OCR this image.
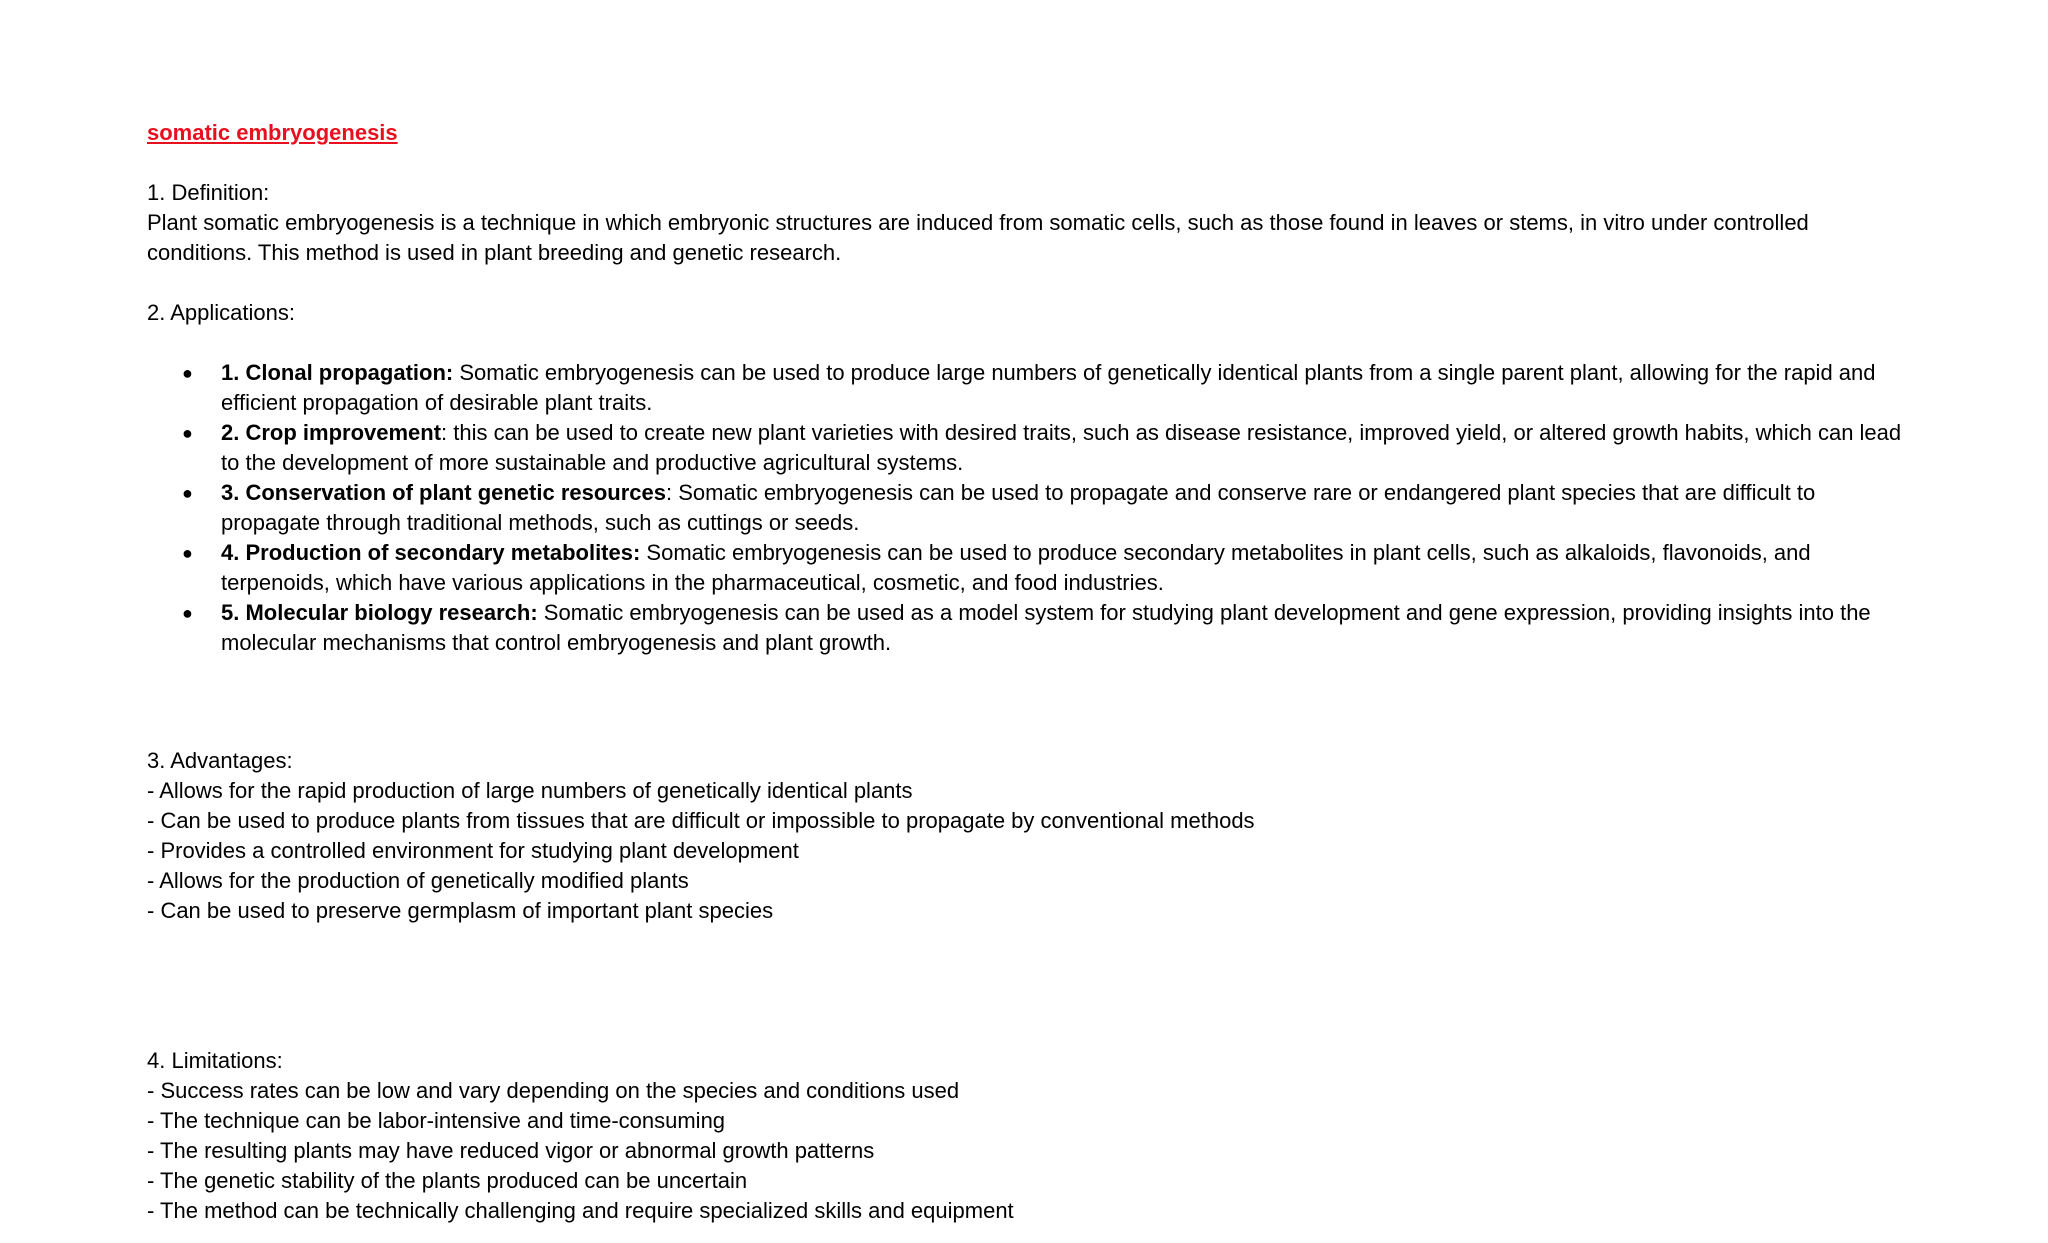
somatic embryogenesis

1. Definition:

Plant somatic embryogenesis is a technique in which embryonic structures are induced from somatic cells, such as those found in leaves or stems, in vitro under controlled conditions. This method is used in plant breeding and genetic research.

2. Applications:

● 1. Clonal propagation: Somatic embryogenesis can be used to produce large numbers of genetically identical plants from a single parent plant, allowing for the rapid and efficient propagation of desirable plant traits.
● 2. Crop improvement: this can be used to create new plant varieties with desired traits, such as disease resistance, improved yield, or altered growth habits, which can lead to the development of more sustainable and productive agricultural systems.
● 3. Conservation of plant genetic resources: Somatic embryogenesis can be used to propagate and conserve rare or endangered plant species that are difficult to propagate through traditional methods, such as cuttings or seeds.
● 4. Production of secondary metabolites: Somatic embryogenesis can be used to produce secondary metabolites in plant cells, such as alkaloids, flavonoids, and terpenoids, which have various applications in the pharmaceutical, cosmetic, and food industries.
● 5. Molecular biology research: Somatic embryogenesis can be used as a model system for studying plant development and gene expression, providing insights into the molecular mechanisms that control embryogenesis and plant growth.

3. Advantages:

- Allows for the rapid production of large numbers of genetically identical plants

- Can be used to produce plants from tissues that are difficult or impossible to propagate by conventional methods

- Provides a controlled environment for studying plant development

- Allows for the production of genetically modified plants

- Can be used to preserve germplasm of important plant species

4. Limitations:

- Success rates can be low and vary depending on the species and conditions used

- The technique can be labor-intensive and time-consuming

- The resulting plants may have reduced vigor or abnormal growth patterns

- The genetic stability of the plants produced can be uncertain

- The method can be technically challenging and require specialized skills and equipment
